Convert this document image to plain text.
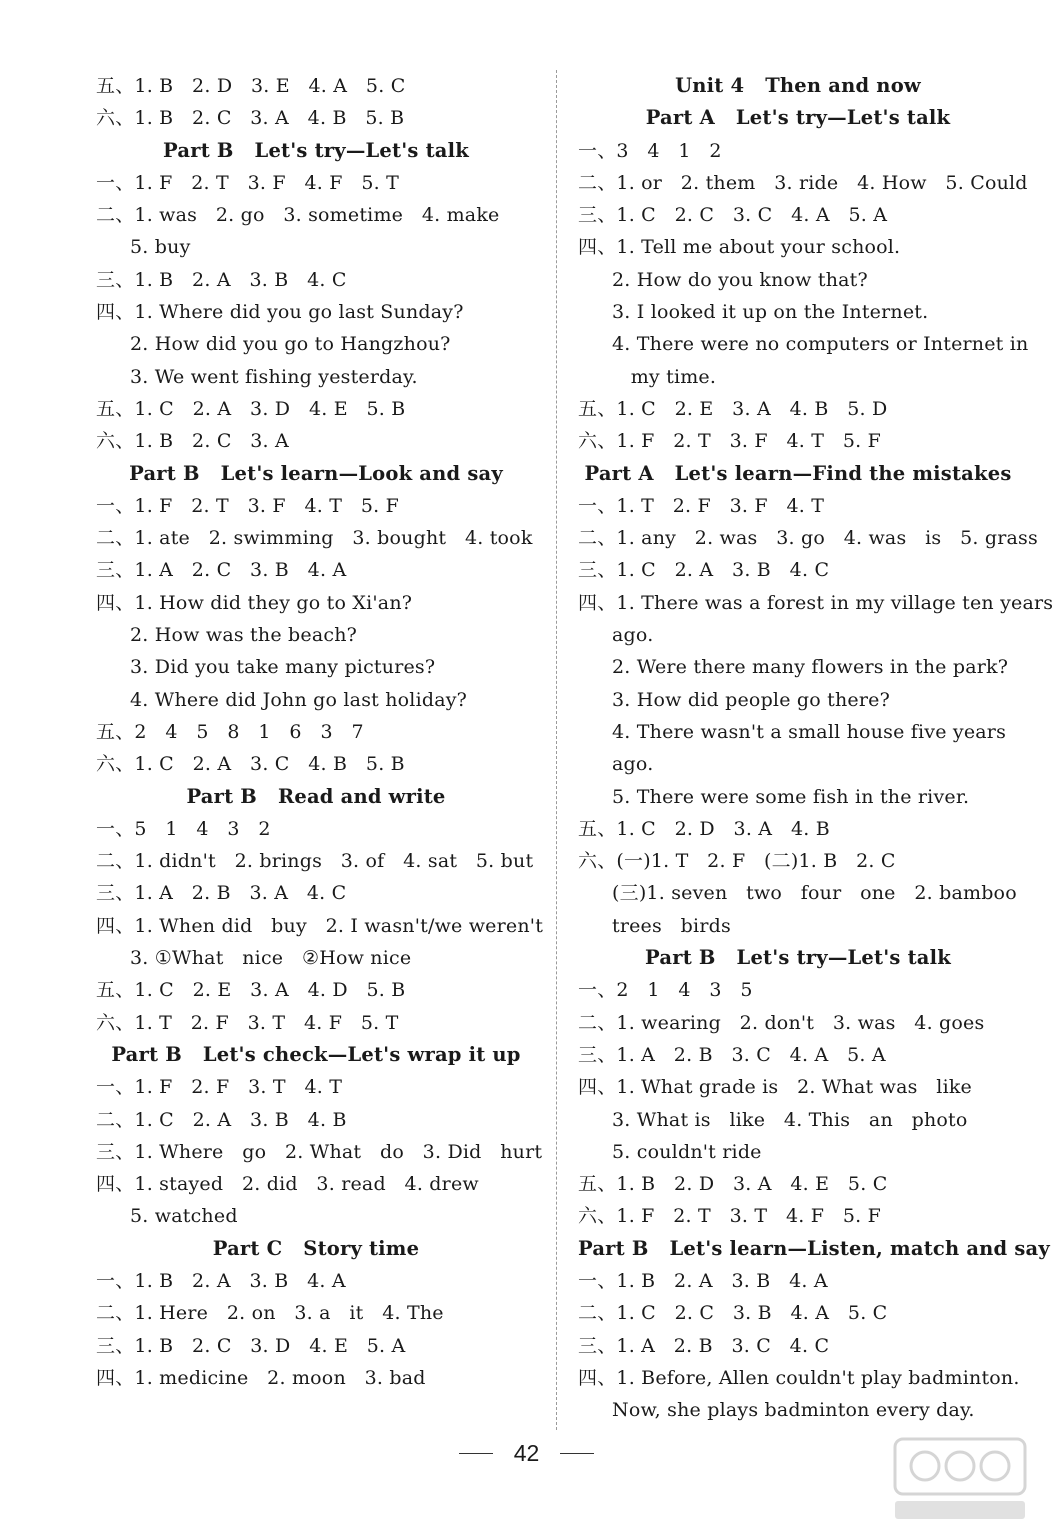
五、1. B   2. D   3. E   4. A   5. C
六、1. B   2. C   3. A   4. B   5. B
Part B   Let's try—Let's talk
一、1. F   2. T   3. F   4. F   5. T
二、1. was   2. go   3. sometime   4. make
5. buy
三、1. B   2. A   3. B   4. C
四、1. Where did you go last Sunday?
2. How did you go to Hangzhou?
3. We went fishing yesterday.
五、1. C   2. A   3. D   4. E   5. B
六、1. B   2. C   3. A
Part B   Let's learn—Look and say
一、1. F   2. T   3. F   4. T   5. F
二、1. ate   2. swimming   3. bought   4. took
三、1. A   2. C   3. B   4. A
四、1. How did they go to Xi'an?
2. How was the beach?
3. Did you take many pictures?
4. Where did John go last holiday?
五、2   4   5   8   1   6   3   7
六、1. C   2. A   3. C   4. B   5. B
Part B   Read and write
一、5   1   4   3   2
二、1. didn't   2. brings   3. of   4. sat   5. but
三、1. A   2. B   3. A   4. C
四、1. When did   buy   2. I wasn't/we weren't
3. ①What   nice   ②How nice
五、1. C   2. E   3. A   4. D   5. B
六、1. T   2. F   3. T   4. F   5. T
Part B   Let's check—Let's wrap it up
一、1. F   2. F   3. T   4. T
二、1. C   2. A   3. B   4. B
三、1. Where   go   2. What   do   3. Did   hurt
四、1. stayed   2. did   3. read   4. drew
5. watched
Part C   Story time
一、1. B   2. A   3. B   4. A
二、1. Here   2. on   3. a   it   4. The
三、1. B   2. C   3. D   4. E   5. A
四、1. medicine   2. moon   3. bad
Unit 4   Then and now
Part A   Let's try—Let's talk
一、3   4   1   2
二、1. or   2. them   3. ride   4. How   5. Could
三、1. C   2. C   3. C   4. A   5. A
四、1. Tell me about your school.
2. How do you know that?
3. I looked it up on the Internet.
4. There were no computers or Internet in
my time.
五、1. C   2. E   3. A   4. B   5. D
六、1. F   2. T   3. F   4. T   5. F
Part A   Let's learn—Find the mistakes
一、1. T   2. F   3. F   4. T
二、1. any   2. was   3. go   4. was   is   5. grass
三、1. C   2. A   3. B   4. C
四、1. There was a forest in my village ten years
ago.
2. Were there many flowers in the park?
3. How did people go there?
4. There wasn't a small house five years
ago.
5. There were some fish in the river.
五、1. C   2. D   3. A   4. B
六、(一)1. T   2. F   (二)1. B   2. C
(三)1. seven   two   four   one   2. bamboo
trees   birds
Part B   Let's try—Let's talk
一、2   1   4   3   5
二、1. wearing   2. don't   3. was   4. goes
三、1. A   2. B   3. C   4. A   5. A
四、1. What grade is   2. What was   like
3. What is   like   4. This   an   photo
5. couldn't ride
五、1. B   2. D   3. A   4. E   5. C
六、1. F   2. T   3. T   4. F   5. F
Part B   Let's learn—Listen, match and say
一、1. B   2. A   3. B   4. A
二、1. C   2. C   3. B   4. A   5. C
三、1. A   2. B   3. C   4. C
四、1. Before, Allen couldn't play badminton.
Now, she plays badminton every day.
42
